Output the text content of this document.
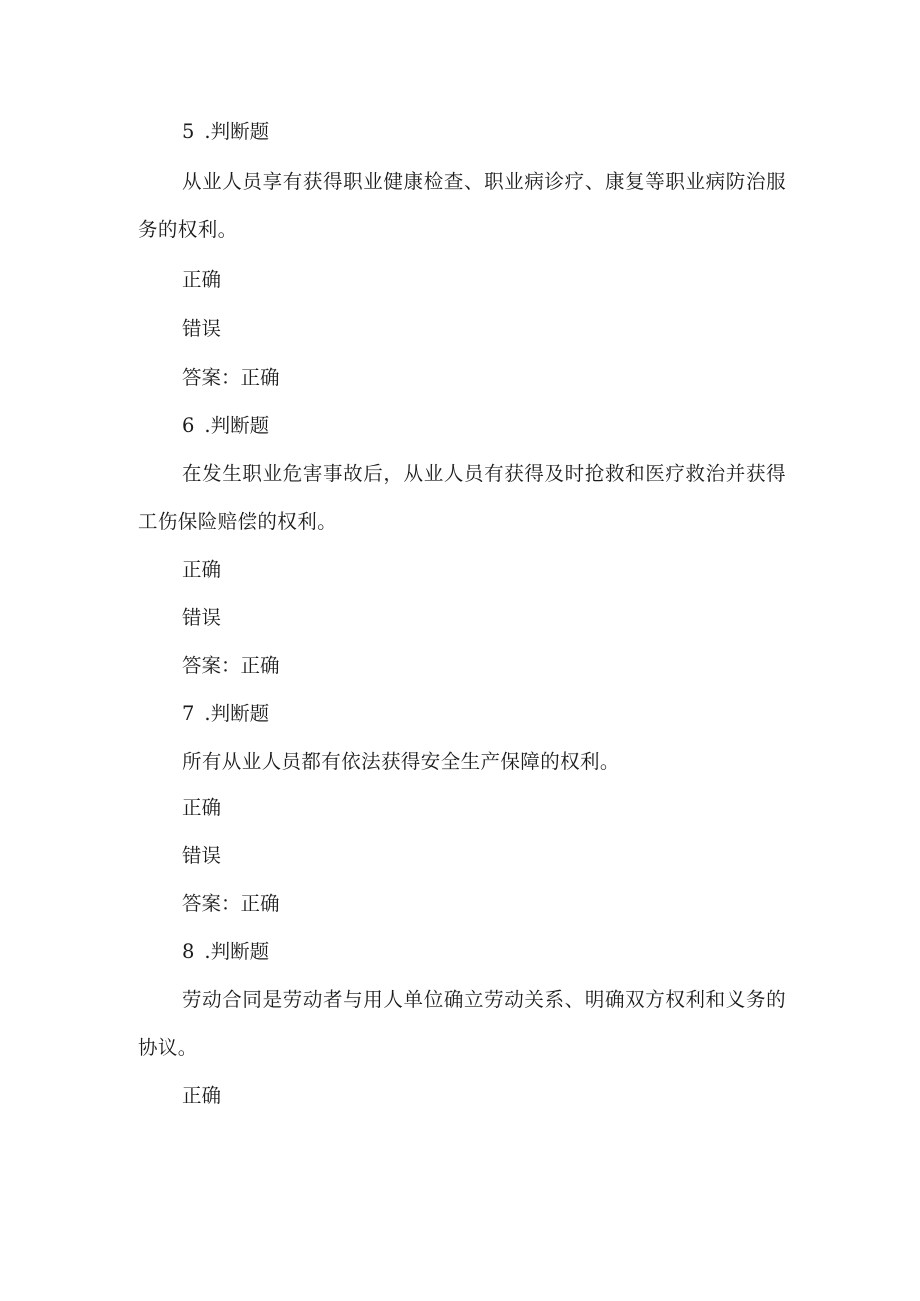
5 .判断题

从业人员享有获得职业健康检查、职业病诊疗、康复等职业病防治服务的权利。

正确
错误
答案：正确
6 .判断题

在发生职业危害事故后，从业人员有获得及时抢救和医疗救治并获得工伤保险赔偿的权利。

正确
错误
答案：正确
7 .判断题

所有从业人员都有依法获得安全生产保障的权利。

正确
错误
答案：正确
8 .判断题

劳动合同是劳动者与用人单位确立劳动关系、明确双方权利和义务的协议。

正确
